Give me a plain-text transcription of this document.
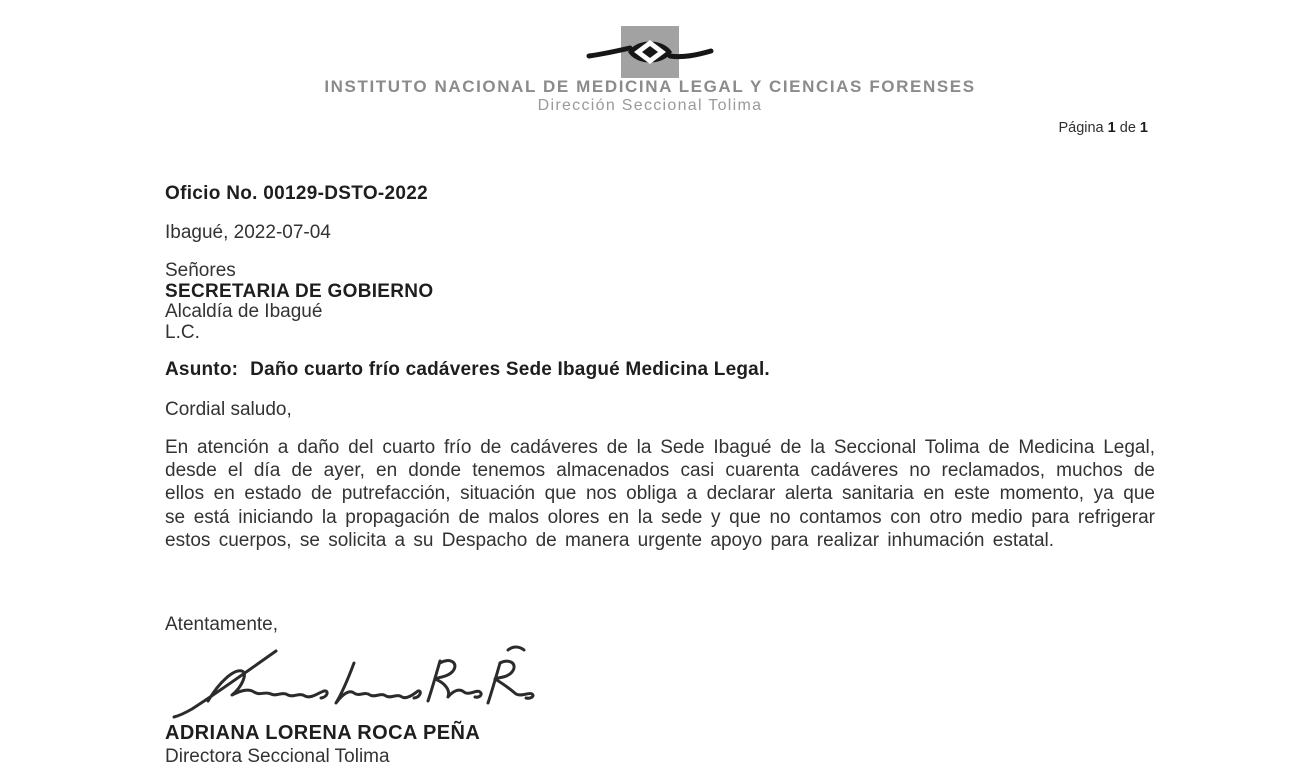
INSTITUTO NACIONAL DE MEDICINA LEGAL Y CIENCIAS FORENSES
Dirección Seccional Tolima
Página 1 de 1
Oficio No. 00129-DSTO-2022
Ibagué, 2022-07-04
Señores
SECRETARIA DE GOBIERNO
Alcaldía de Ibagué
L.C.
Asunto: Daño cuarto frío cadáveres Sede Ibagué Medicina Legal.
Cordial saludo,
En atención a daño del cuarto frío de cadáveres de la Sede Ibagué de la Seccional Tolima de Medicina Legal, desde el día de ayer, en donde tenemos almacenados casi cuarenta cadáveres no reclamados, muchos de ellos en estado de putrefacción, situación que nos obliga a declarar alerta sanitaria en este momento, ya que se está iniciando la propagación de malos olores en la sede y que no contamos con otro medio para refrigerar estos cuerpos, se solicita a su Despacho de manera urgente apoyo para realizar inhumación estatal.
Atentamente,
ADRIANA LORENA ROCA PEÑA
Directora Seccional Tolima
